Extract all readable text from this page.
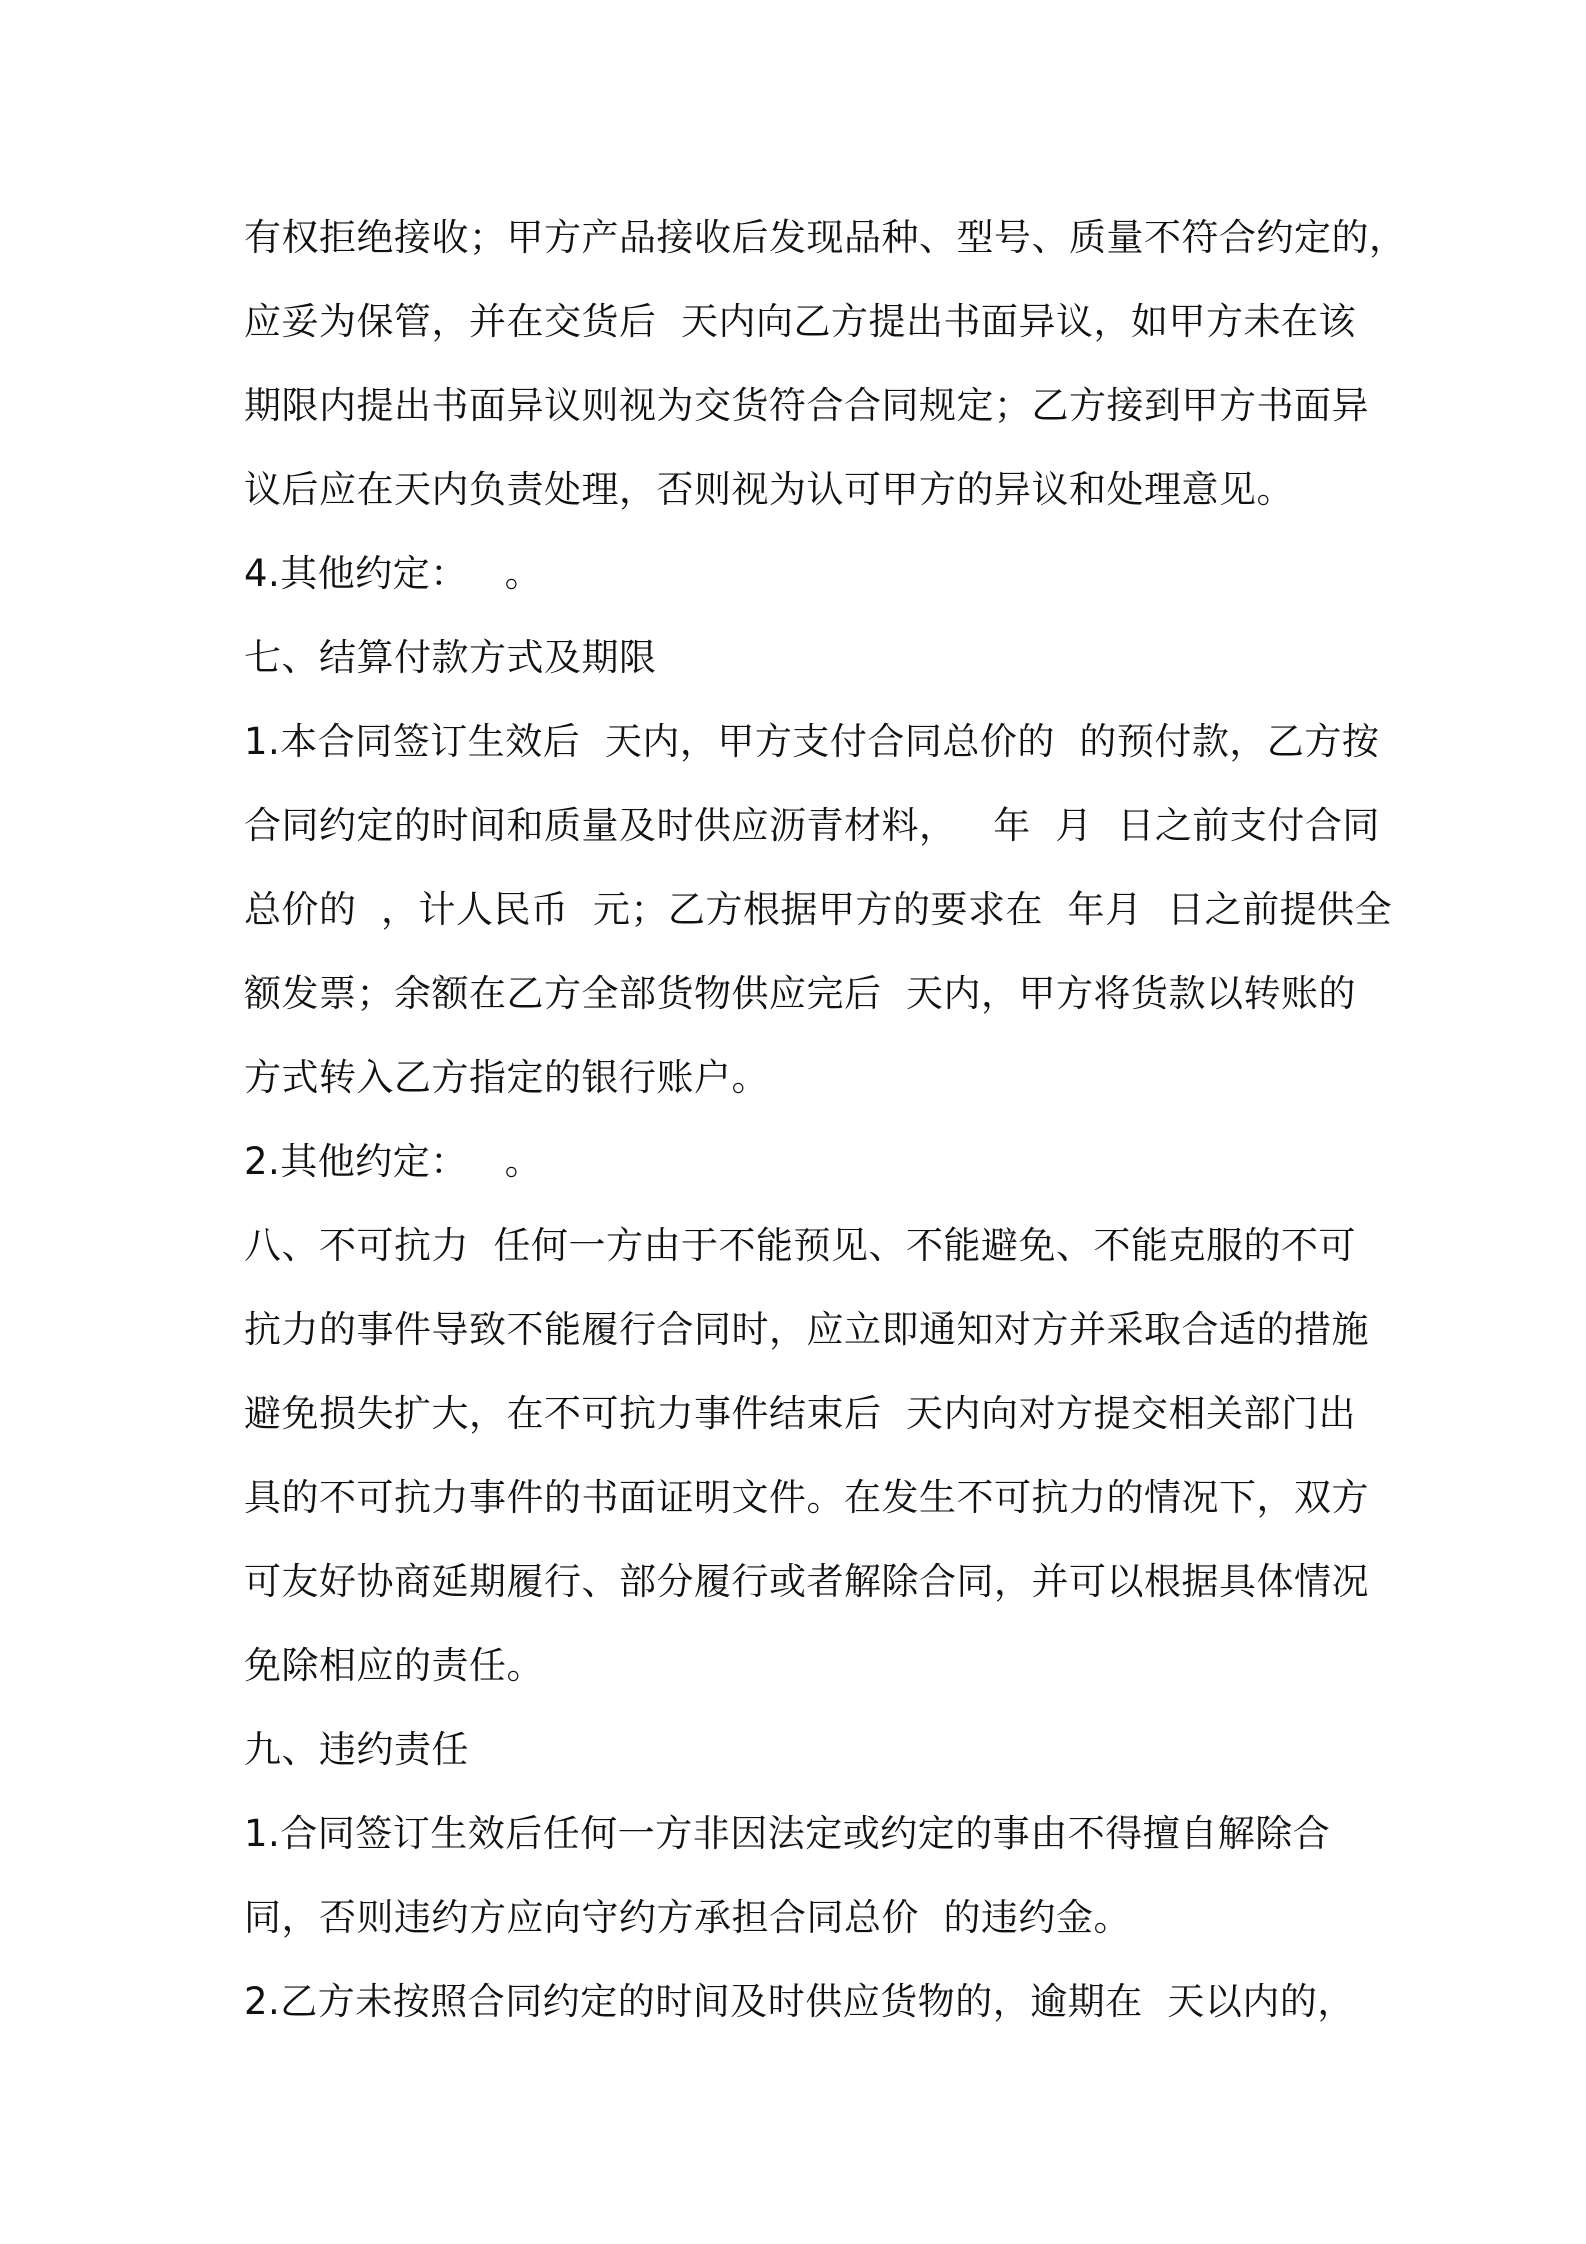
有权拒绝接收；甲方产品接收后发现品种、型号、质量不符合约定的，
应妥为保管，并在交货后  天内向乙方提出书面异议，如甲方未在该
期限内提出书面异议则视为交货符合合同规定；乙方接到甲方书面异
议后应在天内负责处理，否则视为认可甲方的异议和处理意见。
4.其他约定：   。
七、结算付款方式及期限
1.本合同签订生效后  天内，甲方支付合同总价的  的预付款，乙方按
合同约定的时间和质量及时供应沥青材料，   年  月  日之前支付合同
总价的  ，计人民币  元；乙方根据甲方的要求在  年月  日之前提供全
额发票；余额在乙方全部货物供应完后  天内，甲方将货款以转账的
方式转入乙方指定的银行账户。
2.其他约定：   。
八、不可抗力  任何一方由于不能预见、不能避免、不能克服的不可
抗力的事件导致不能履行合同时，应立即通知对方并采取合适的措施
避免损失扩大，在不可抗力事件结束后  天内向对方提交相关部门出
具的不可抗力事件的书面证明文件。在发生不可抗力的情况下，双方
可友好协商延期履行、部分履行或者解除合同，并可以根据具体情况
免除相应的责任。
九、违约责任
1.合同签订生效后任何一方非因法定或约定的事由不得擅自解除合
同，否则违约方应向守约方承担合同总价  的违约金。
2.乙方未按照合同约定的时间及时供应货物的，逾期在  天以内的，
